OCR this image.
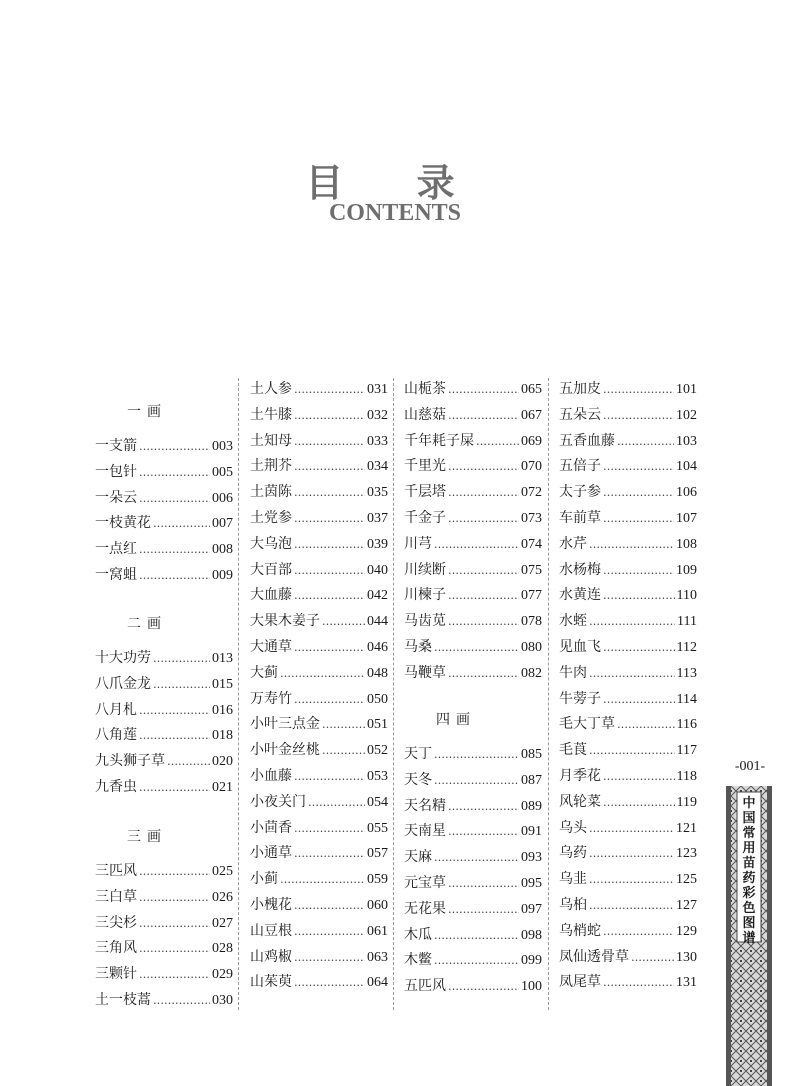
目 录
CONTENTS
一画
一支箭 ……………………………………………………………………	003
一包针 ……………………………………………………………………	005
一朵云 ……………………………………………………………………	006
一枝黄花 ……………………………………………………………………	007
一点红 ……………………………………………………………………	008
一窝蛆 ……………………………………………………………………	009
二画
十大功劳 ……………………………………………………………………	013
八爪金龙 ……………………………………………………………………	015
八月札 ……………………………………………………………………	016
八角莲 ……………………………………………………………………	018
九头狮子草 ……………………………………………………………………	020
九香虫 ……………………………………………………………………	021
三画
三匹风 ……………………………………………………………………	025
三白草 ……………………………………………………………………	026
三尖杉 ……………………………………………………………………	027
三角风 ……………………………………………………………………	028
三颗针 ……………………………………………………………………	029
土一枝蒿 ……………………………………………………………………	030
土人参 ……………………………………………………………………	031
土牛膝 ……………………………………………………………………	032
土知母 ……………………………………………………………………	033
土荆芥 ……………………………………………………………………	034
土茵陈 ……………………………………………………………………	035
土党参 ……………………………………………………………………	037
大乌泡 ……………………………………………………………………	039
大百部 ……………………………………………………………………	040
大血藤 ……………………………………………………………………	042
大果木姜子 ……………………………………………………………………	044
大通草 ……………………………………………………………………	046
大蓟 ……………………………………………………………………	048
万寿竹 ……………………………………………………………………	050
小叶三点金 ……………………………………………………………………	051
小叶金丝桃 ……………………………………………………………………	052
小血藤 ……………………………………………………………………	053
小夜关门 ……………………………………………………………………	054
小茴香 ……………………………………………………………………	055
小通草 ……………………………………………………………………	057
小蓟 ……………………………………………………………………	059
小槐花 ……………………………………………………………………	060
山豆根 ……………………………………………………………………	061
山鸡椒 ……………………………………………………………………	063
山茱萸 ……………………………………………………………………	064
山栀茶 ……………………………………………………………………	065
山慈菇 ……………………………………………………………………	067
千年耗子屎 ……………………………………………………………………	069
千里光 ……………………………………………………………………	070
千层塔 ……………………………………………………………………	072
千金子 ……………………………………………………………………	073
川芎 ……………………………………………………………………	074
川续断 ……………………………………………………………………	075
川楝子 ……………………………………………………………………	077
马齿苋 ……………………………………………………………………	078
马桑 ……………………………………………………………………	080
马鞭草 ……………………………………………………………………	082
四画
天丁 ……………………………………………………………………	085
天冬 ……………………………………………………………………	087
天名精 ……………………………………………………………………	089
天南星 ……………………………………………………………………	091
天麻 ……………………………………………………………………	093
元宝草 ……………………………………………………………………	095
无花果 ……………………………………………………………………	097
木瓜 ……………………………………………………………………	098
木鳖 ……………………………………………………………………	099
五匹风 ……………………………………………………………………	100
五加皮 ……………………………………………………………………	101
五朵云 ……………………………………………………………………	102
五香血藤 ……………………………………………………………………	103
五倍子 ……………………………………………………………………	104
太子参 ……………………………………………………………………	106
车前草 ……………………………………………………………………	107
水芹 ……………………………………………………………………	108
水杨梅 ……………………………………………………………………	109
水黄连 ……………………………………………………………………	110
水蛭 ……………………………………………………………………	111
见血飞 ……………………………………………………………………	112
牛肉 ……………………………………………………………………	113
牛蒡子 ……………………………………………………………………	114
毛大丁草 ……………………………………………………………………	116
毛莨 ……………………………………………………………………	117
月季花 ……………………………………………………………………	118
风轮菜 ……………………………………………………………………	119
乌头 ……………………………………………………………………	121
乌药 ……………………………………………………………………	123
乌韭 ……………………………………………………………………	125
乌桕 ……………………………………………………………………	127
乌梢蛇 ……………………………………………………………………	129
凤仙透骨草 ……………………………………………………………………	130
凤尾草 ……………………………………………………………………	131
-001-
中
国
常
用
苗
药
彩
色
图
谱
